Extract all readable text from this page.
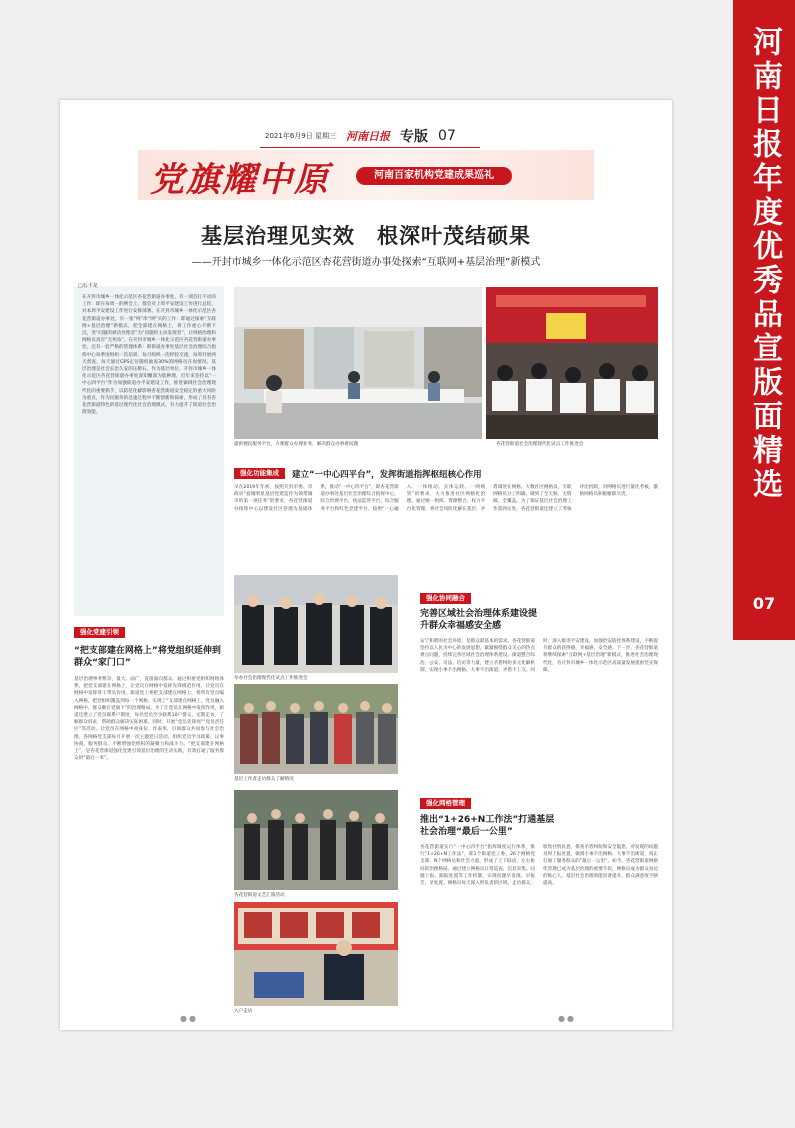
河南日报年度优秀品宣版面精选
07
2021年6月9日 星期三 河南日报 专版 07
党旗耀中原	河南百家机构党建成果巡礼
基层治理见实效　根深叶茂结硕果
——开封市城乡一体化示范区杏花营街道办事处探索“互联网+基层治理”新模式
在开封市城乡一体化示范区杏花营街道办事处，有一项首打不动的工作：即在每周一的例会上，都会对上周平安建设工作进行总结，对本周平安建设工作进行安排部署。在开封市城乡一体化示范区杏花营街道办事处，有一张“网”串“网”买的工作：即通过探索“互联网+基层治理”新模式，把全部建在网格上，将工作重心不断下沉，变“问题的被动处理者”为“问题的主动发现者”，让网格治理和网格员真有“无死角”。在开封市城乡一体化示范区杏花营街道办事处，还有一套严格的管理体系：即街道办事处基层社会治理综合指挥中心每季度组织一次培训，每月组织一次经验交流，每周开展两天督查，每天通过GPS定位随机抽查30%的网格员在岗情况。基层治理是社会长治久安的压舱石，作为基层单位，开封市城乡一体化示范区杏花营街道办事处深知懈深为能种理，近年来坚持以“一中心四平台”作为加强街道办平安建设工作，推进镇域社会治理现代化的重要抓手，以防范化解影响杏花营街道安全稳定的重大风险为重点，作为民服务的急速过程中不断创新和探索，形成了具有杏花营街道特色的基层现代化社会治理模式，有力提升了街道社会治理效能。
□石丰龙
提供便民服务平台，方便群众办理业务，解决群众办事难问题	杏花营街道社会治理现代化试点工作推进会
强化功能集成	建立“一中心四平台”，发挥街道指挥枢纽核心作用
早在2019年年初，按照开封市委、市政府“爱城明星基层党建造作为领带城市的第一项任务”的要求，杏花营街道办指挥中心以建设社区管理为基础体系，推动“一中心四平台”，即杏花营街道办事处基层社会治理综合指挥中心，综合治理平台、执法监管平台、综合服务平台和红色党建平台，按照“一心融入、一体推动、实体运转、一网统管”的要求，大力推进社区网格化治理，通过统一指挥、资源整合、权力平台化管理，将社会风险化解在基层、矛盾调处在网格。大数社区网格员，专职网格员分工明确，做到了全天候、无缝隙、全覆盖。为了保证基层社会治理工作落到实处，杏花营街道还建立了考核评比机制，对网格员进行量化考核，激励网格员积极履职尽责。
强化党建引领
“把支部建在网格上”将党组织延伸到群众“家门口”
基层治理事务繁杂，量大、面广，直接面向群众。通过织密党组织网络体系，把党支部建在网格上，让党员在网格中发挥先锋模范作用，让党员在网格中发挥骨干带头作用。街道党工委把支部建在网格上，将所有党员编入网格，把党组织覆盖到每一个网格，实现了“支部建在网格上、党员融入网格中、群众聚在党旗下”的治理格局。为了让党员在网格中发挥作用，街道还建立了党员联系户制度，每名党员至少联系10户群众，定期走访，了解群众诉求，帮助群众解决实际困难。同时，开展“党员先锋岗”“党员责任区”等活动，让党员在网格中亮身份、作表率，引领群众共同参与社会治理。各网格党支部每月开展一次主题党日活动，组织党员学习政策、议事协商、服务群众，不断增强党组织的凝聚力和战斗力。“把支部建在网格上”，是杏花营街道强化党建引领基层治理的生动实践，有效打通了服务群众的“最后一米”。
举办社会治理现代化试点工作推进会
基层工作者走访群众了解情况
杏花营街道文艺汇演活动
入户走访
强化协同融合
完善区域社会治理体系建设提升群众幸福感安全感
安宁和谐的社会环境，是群众最基本的需求。杏花营街道坚持以人民为中心的发展思想，紧紧围绕群众关心的热点难点问题，持续完善区域社会治理体系建设。街道整合综治、公安、司法、信访等力量，建立矛盾纠纷多元化解机制，实现小事不出网格、大事不出街道、矛盾不上交。同时，深入推进平安建设，加强治安防控体系建设，不断提升群众的获得感、幸福感、安全感。下一步，杏花营街道将继续探索“互联网+基层治理”新模式，推进社会治理现代化，为开封市城乡一体化示范区高质量发展提供坚实保障。
强化网格管理
推出“1+26+N工作法”打通基层社会治理“最后一公里”
杏花营街道实行“一中心四平台”指挥调度运行体系，推行“1+26+N工作法”，即1个街道党工委、26个网格党支部、N个网格员和社会力量，形成了上下联动、左右协同的治理格局。通过建立网格员日常巡查、信息采集、问题上报、跟踪处置等工作机制，实现问题早发现、早报告、早处置。网格员每天深入所负责的区域，走访群众，收集社情民意，排查矛盾纠纷和安全隐患，对发现的问题及时上报处置，做到小事不出网格、大事不出街道，真正打通了服务群众的“最后一公里”。如今，杏花营街道网格化管理已成为基层治理的重要手段，网格员成为群众身边的贴心人，基层社会治理效能显著提升，群众满意度不断提高。
●●	●●
